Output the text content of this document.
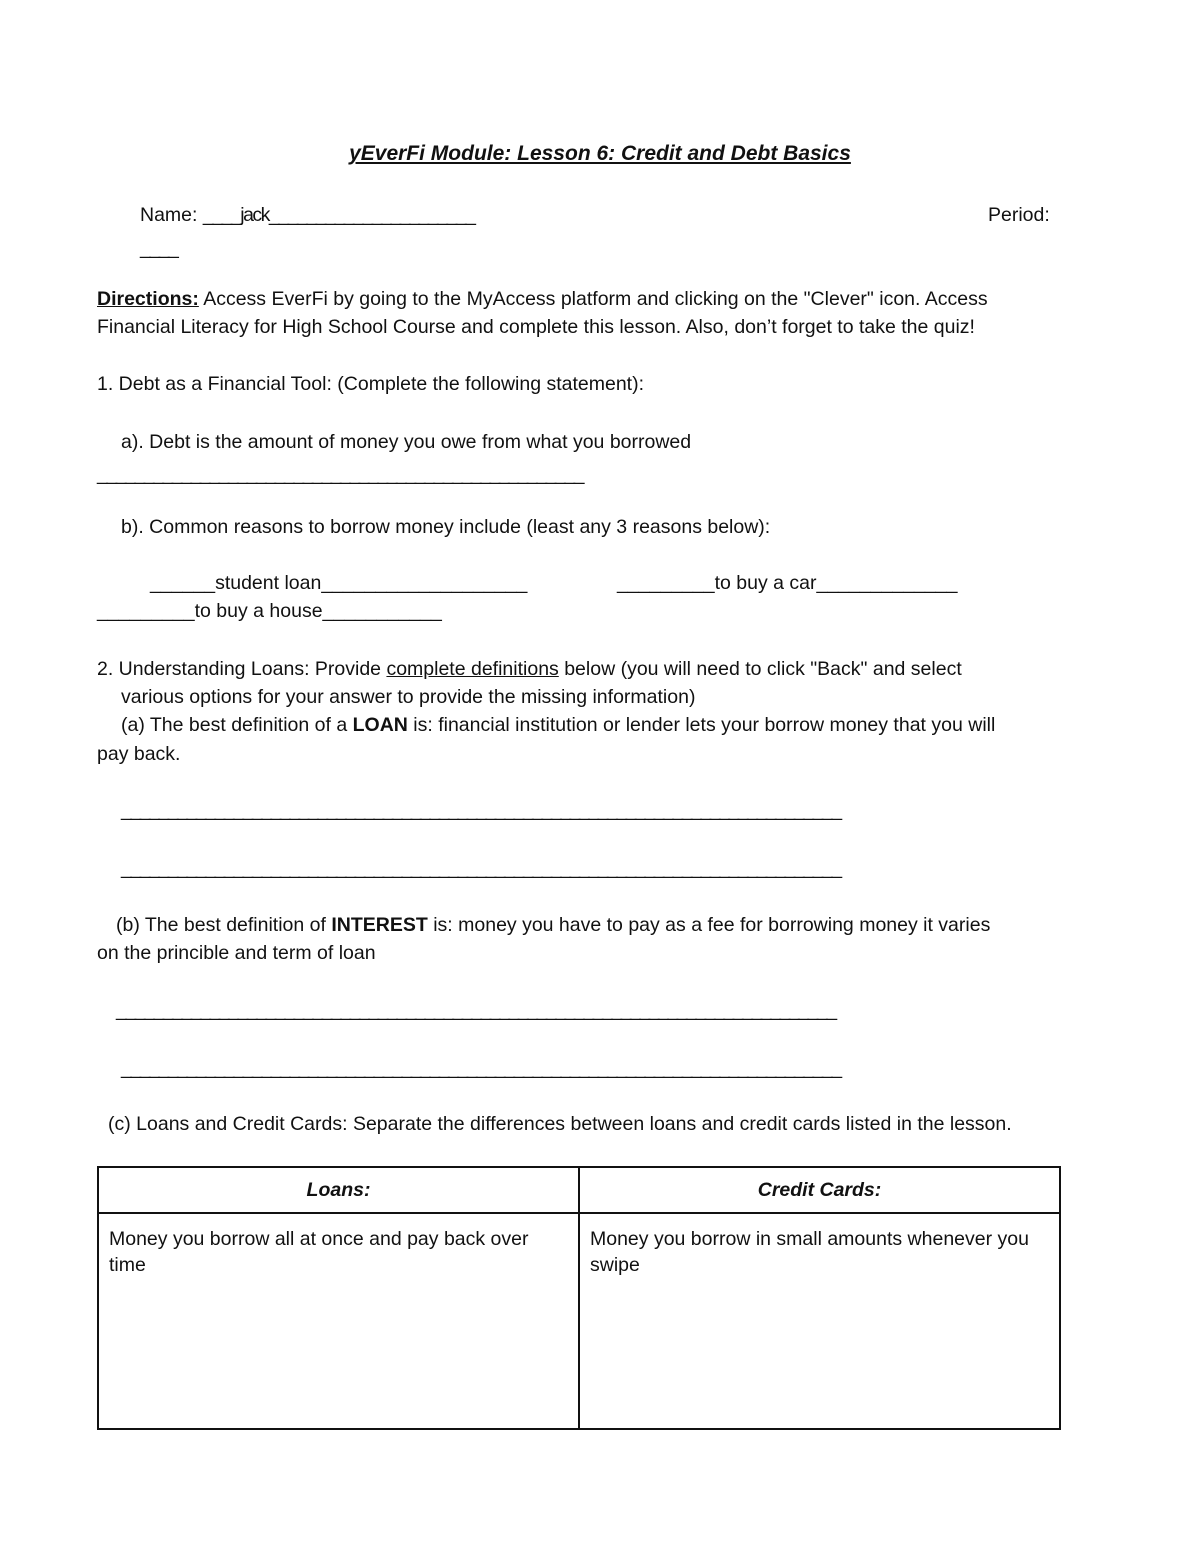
yEverFi Module: Lesson 6: Credit and Debt Basics
Name: ____jack______________________	Period:
____
Directions: Access EverFi by going to the MyAccess platform and clicking on the "Clever" icon. Access
Financial Literacy for High School Course and complete this lesson. Also, don’t forget to take the quiz!
1. Debt as a Financial Tool: (Complete the following statement):
a). Debt is the amount of money you owe from what you borrowed
____________________________________________________
b). Common reasons to borrow money include (least any 3 reasons below):
______student loan___________________	_________to buy a car_____________
_________to buy a house___________
2. Understanding Loans: Provide complete definitions below (you will need to click "Back" and select
various options for your answer to provide the missing information)
(a) The best definition of a LOAN is: financial institution or lender lets your borrow money that you will
pay back.
_____________________________________________________________________________
_____________________________________________________________________________
(b) The best definition of INTEREST is: money you have to pay as a fee for borrowing money it varies
on the princible and term of loan
_____________________________________________________________________________
_____________________________________________________________________________
(c) Loans and Credit Cards: Separate the differences between loans and credit cards listed in the lesson.
Loans:	Credit Cards:
Money you borrow all at once and pay back over time	Money you borrow in small amounts whenever you swipe
